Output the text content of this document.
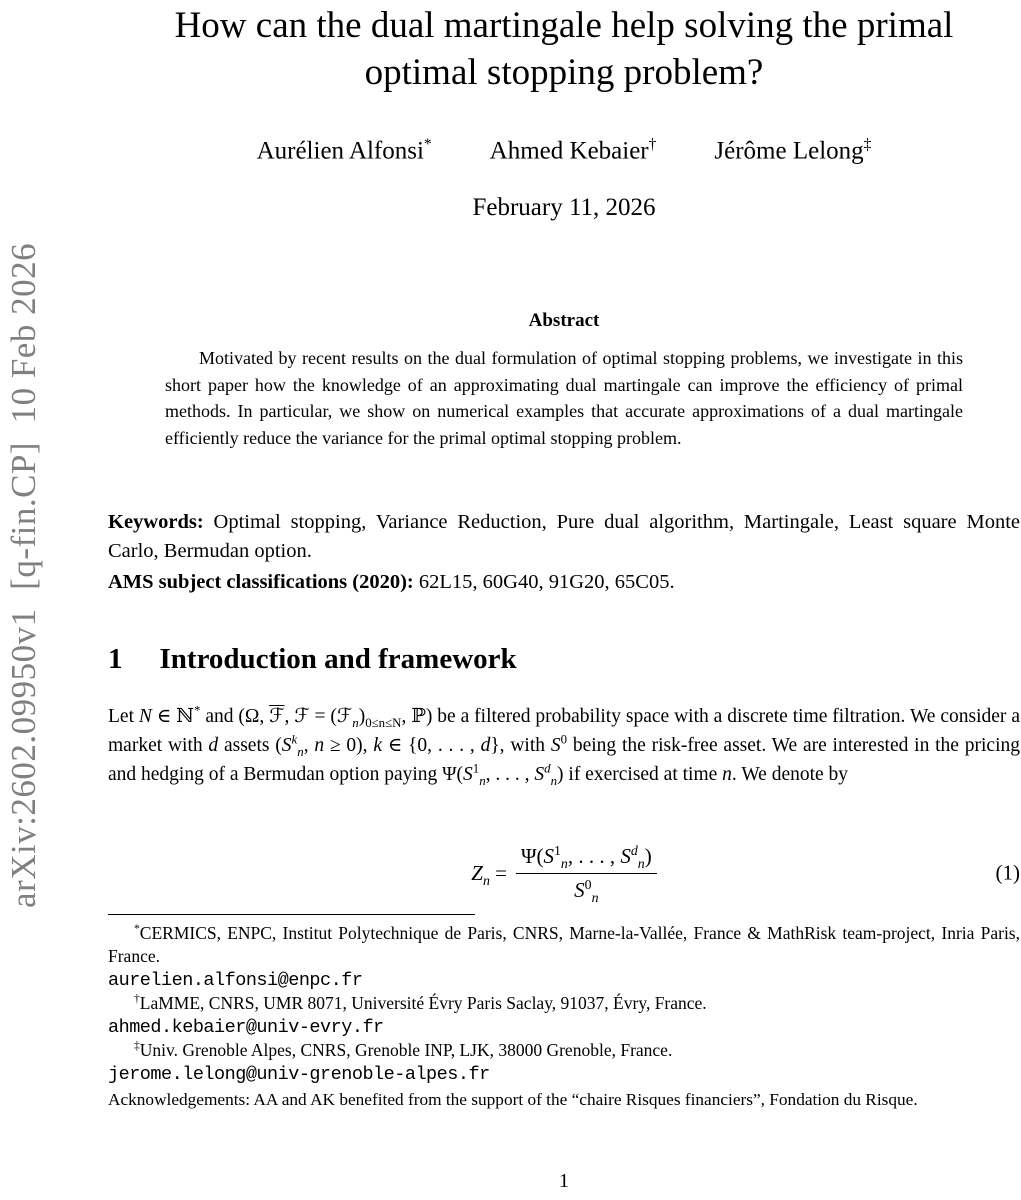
arXiv:2602.09950v1  [q-fin.CP]  10 Feb 2026
How can the dual martingale help solving the primal
optimal stopping problem?
Aurélien Alfonsi* Ahmed Kebaier† Jérôme Lelong‡
February 11, 2026
Abstract

Motivated by recent results on the dual formulation of optimal stopping problems, we investigate in this short paper how the knowledge of an approximating dual martingale can improve the efficiency of primal methods. In particular, we show on numerical examples that accurate approximations of a dual martingale efficiently reduce the variance for the primal optimal stopping problem.

Keywords: Optimal stopping, Variance Reduction, Pure dual algorithm, Martingale, Least square Monte Carlo, Bermudan option.

AMS subject classifications (2020): 62L15, 60G40, 91G20, 65C05.

1 Introduction and framework

Let N ∈ ℕ* and (Ω, ℱ, ℱ = $(ℱ_n)_{0\le n\le N}$, ℙ) be a filtered probability space with a discrete time filtration. We consider a market with d assets ($S^k_n$, n ≥ 0), k ∈ {0, . . . , d}, with $S^0$ being the risk-free asset. We are interested in the pricing and hedging of a Bermudan option paying $\Psi(S^1_n$, . . . , $S^d_n$) if exercised at time n. We denote by

$Z_n = \frac{\Psi(S^1_n, . . . , S^d_n)}{S^0_n}$	(1)

*CERMICS, ENPC, Institut Polytechnique de Paris, CNRS, Marne-la-Vallée, France & MathRisk team-project, Inria Paris, France.

aurelien.alfonsi@enpc.fr

†LaMME, CNRS, UMR 8071, Université Évry Paris Saclay, 91037, Évry, France.

ahmed.kebaier@univ-evry.fr

‡Univ. Grenoble Alpes, CNRS, Grenoble INP, LJK, 38000 Grenoble, France.

jerome.lelong@univ-grenoble-alpes.fr

Acknowledgements: AA and AK benefited from the support of the “chaire Risques financiers”, Fondation du Risque.

1
